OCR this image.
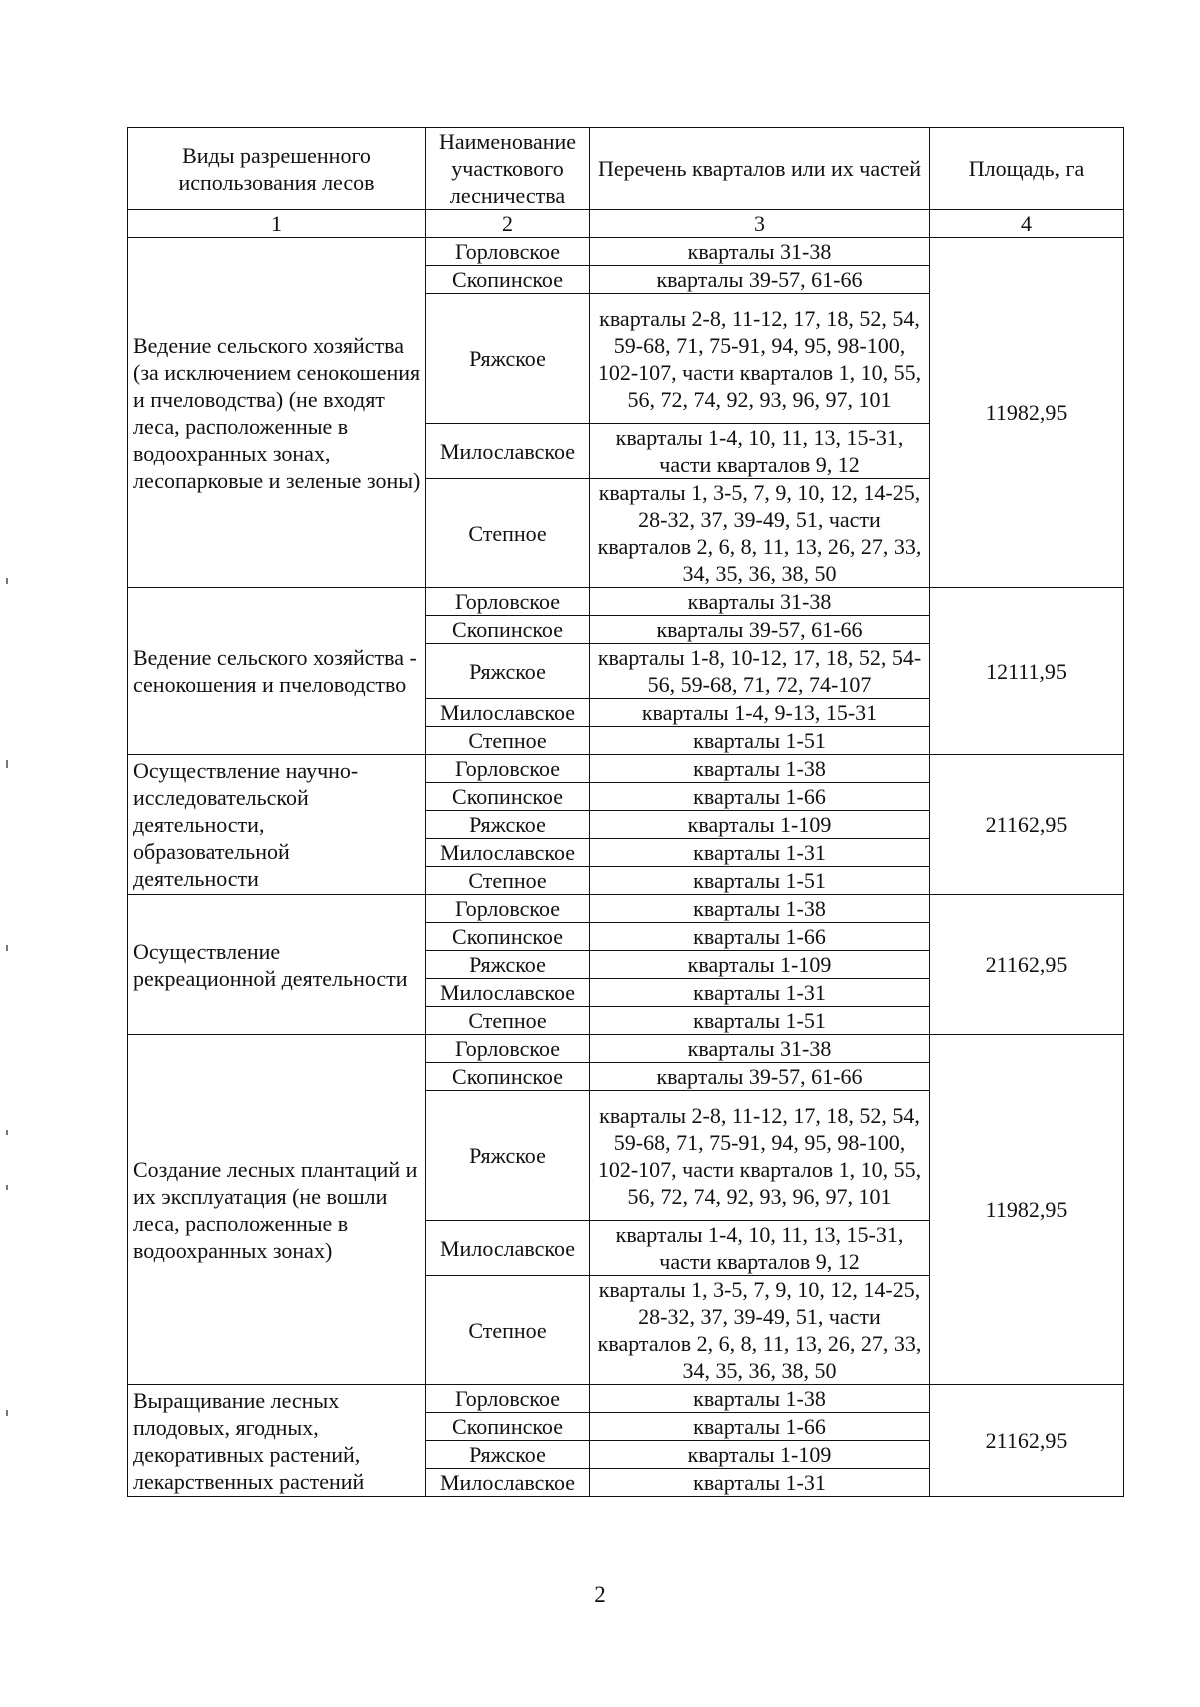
Виды разрешенного использования лесов	Наименование участкового лесничества	Перечень кварталов или их частей	Площадь, га
1	2	3	4
Ведение сельского хозяйства (за исключением сенокошения и пчеловодства) (не входят леса, расположенные в водоохранных зонах, лесопарковые и зеленые зоны)	Горловское	кварталы 31-38	11982,95
	Скопинское	кварталы 39-57, 61-66	
	Ряжское	кварталы 2-8, 11-12, 17, 18, 52, 54, 59-68, 71, 75-91, 94, 95, 98-100, 102-107, части кварталов 1, 10, 55, 56, 72, 74, 92, 93, 96, 97, 101	
	Милославское	кварталы 1-4, 10, 11, 13, 15-31, части кварталов 9, 12	
	Степное	кварталы 1, 3-5, 7, 9, 10, 12, 14-25, 28-32, 37, 39-49, 51, части кварталов 2, 6, 8, 11, 13, 26, 27, 33, 34, 35, 36, 38, 50	
Ведение сельского хозяйства - сенокошения и пчеловодство	Горловское	кварталы 31-38	12111,95
	Скопинское	кварталы 39-57, 61-66	
	Ряжское	кварталы 1-8, 10-12, 17, 18, 52, 54-56, 59-68, 71, 72, 74-107	
	Милославское	кварталы 1-4, 9-13, 15-31	
	Степное	кварталы 1-51	
Осуществление научно-исследовательской деятельности, образовательной деятельности	Горловское	кварталы 1-38	21162,95
	Скопинское	кварталы 1-66	
	Ряжское	кварталы 1-109	
	Милославское	кварталы 1-31	
	Степное	кварталы 1-51	
Осуществление рекреационной деятельности	Горловское	кварталы 1-38	21162,95
	Скопинское	кварталы 1-66	
	Ряжское	кварталы 1-109	
	Милославское	кварталы 1-31	
	Степное	кварталы 1-51	
Создание лесных плантаций и их эксплуатация (не вошли леса, расположенные в водоохранных зонах)	Горловское	кварталы 31-38	11982,95
	Скопинское	кварталы 39-57, 61-66	
	Ряжское	кварталы 2-8, 11-12, 17, 18, 52, 54, 59-68, 71, 75-91, 94, 95, 98-100, 102-107, части кварталов 1, 10, 55, 56, 72, 74, 92, 93, 96, 97, 101	
	Милославское	кварталы 1-4, 10, 11, 13, 15-31, части кварталов 9, 12	
	Степное	кварталы 1, 3-5, 7, 9, 10, 12, 14-25, 28-32, 37, 39-49, 51, части кварталов 2, 6, 8, 11, 13, 26, 27, 33, 34, 35, 36, 38, 50	
Выращивание лесных плодовых, ягодных, декоративных растений, лекарственных растений	Горловское	кварталы 1-38	21162,95
	Скопинское	кварталы 1-66	
	Ряжское	кварталы 1-109	
	Милославское	кварталы 1-31	
2
